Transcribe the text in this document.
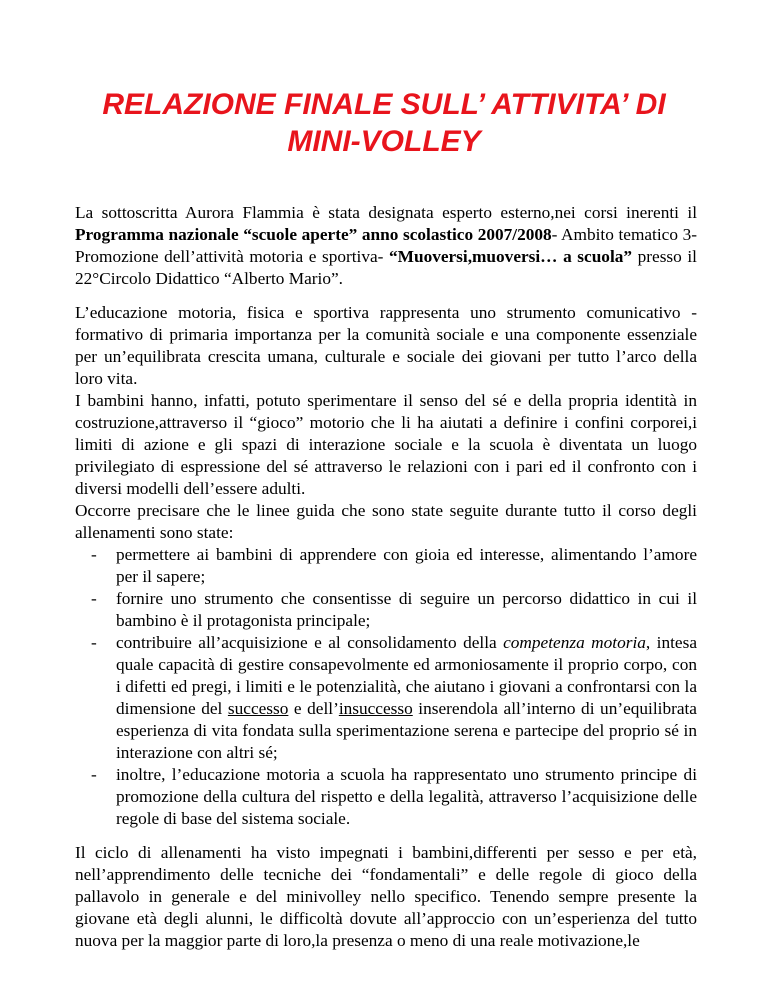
RELAZIONE FINALE SULL’ ATTIVITA’ DI
MINI-VOLLEY

La sottoscritta Aurora Flammia è stata designata esperto esterno,nei corsi inerenti il Programma nazionale “scuole aperte” anno scolastico 2007/2008- Ambito tematico 3- Promozione dell’attività motoria e sportiva- “Muoversi,muoversi… a scuola” presso il 22°Circolo Didattico “Alberto Mario”.

L’educazione motoria, fisica e sportiva rappresenta uno strumento comunicativo - formativo di primaria importanza per la comunità sociale e una componente essenziale per un’equilibrata crescita umana, culturale e sociale dei giovani per tutto l’arco della loro vita.

I bambini hanno, infatti, potuto sperimentare il senso del sé e della propria identità in costruzione,attraverso il “gioco” motorio che li ha aiutati a definire i confini corporei,i limiti di azione e gli spazi di interazione sociale e la scuola è diventata un luogo privilegiato di espressione del sé attraverso le relazioni con i pari ed il confronto con i diversi modelli dell’essere adulti.

Occorre precisare che le linee guida che sono state seguite durante tutto il corso degli allenamenti sono state:

- permettere ai bambini di apprendere con gioia ed interesse, alimentando l’amore per il sapere;
- fornire uno strumento che consentisse di seguire un percorso didattico in cui il bambino è il protagonista principale;
- contribuire all’acquisizione e al consolidamento della competenza motoria, intesa quale capacità di gestire consapevolmente ed armoniosamente il proprio corpo, con i difetti ed pregi, i limiti e le potenzialità, che aiutano i giovani a confrontarsi con la dimensione del successo e dell’insuccesso inserendola all’interno di un’equilibrata esperienza di vita fondata sulla sperimentazione serena e partecipe del proprio sé in interazione con altri sé;
- inoltre, l’educazione motoria a scuola ha rappresentato uno strumento principe di promozione della cultura del rispetto e della legalità, attraverso l’acquisizione delle regole di base del sistema sociale.

Il ciclo di allenamenti ha visto impegnati i bambini,differenti per sesso e per età, nell’apprendimento delle tecniche dei “fondamentali” e delle regole di gioco della pallavolo in generale e del minivolley nello specifico. Tenendo sempre presente la giovane età degli alunni, le difficoltà dovute all’approccio con un’esperienza del tutto nuova per la maggior parte di loro,la presenza o meno di una reale motivazione,le
